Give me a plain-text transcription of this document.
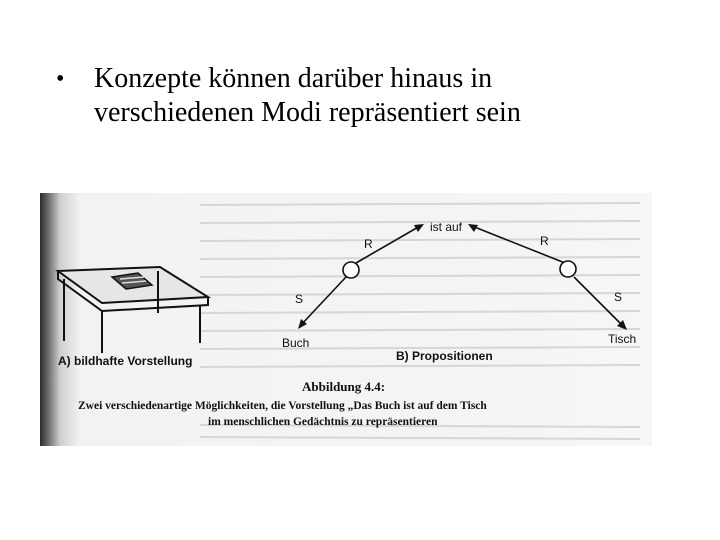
• Konzepte können darüber hinaus in
verschiedenen Modi repräsentiert sein
ist auf
R	R
S	S
Buch	Tisch
A) bildhafte Vorstellung	B) Propositionen
Abbildung 4.4:
Zwei verschiedenartige Möglichkeiten, die Vorstellung „Das Buch ist auf dem Tisch
im menschlichen Gedächtnis zu repräsentieren
